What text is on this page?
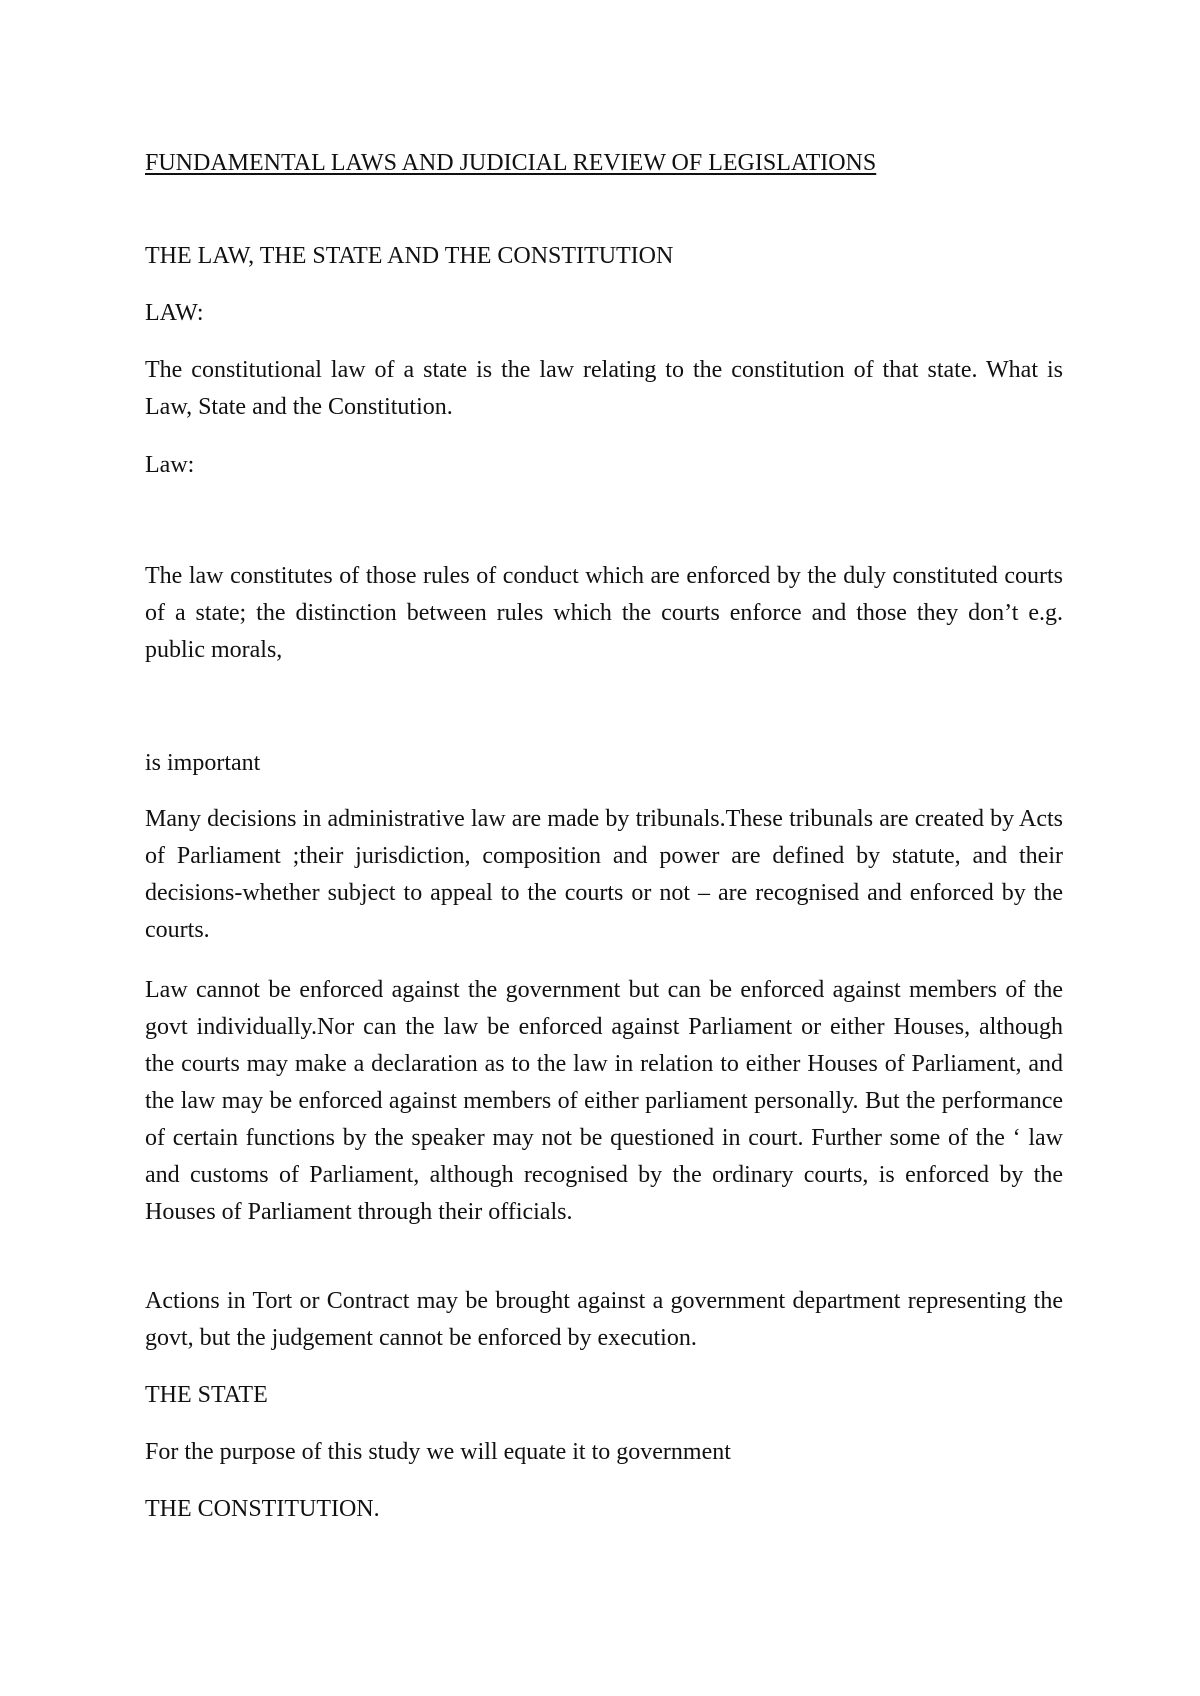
FUNDAMENTAL LAWS AND JUDICIAL REVIEW OF LEGISLATIONS

THE LAW, THE STATE AND THE CONSTITUTION

LAW:

The constitutional law of a state is the law relating to the constitution of that state. What is Law, State and the Constitution.

Law:

The law constitutes of those rules of conduct which are enforced by the duly constituted courts of a state; the distinction between rules which the courts enforce and those they don’t e.g. public morals,

is important

Many decisions in administrative law are made by tribunals.These tribunals are created by Acts of Parliament ;their jurisdiction, composition and power are defined by statute, and their decisions-whether subject to appeal to the courts or not – are recognised and enforced by the courts.

Law cannot be enforced against the government but can be enforced against members of the govt individually.Nor can the law be enforced against Parliament or either Houses, although the courts may make a declaration as to the law in relation to either Houses of Parliament, and the law may be enforced against members of either parliament personally. But the performance of certain functions by the speaker may not be questioned in court. Further some of the ‘ law and customs of Parliament, although recognised by the ordinary courts, is enforced by the Houses of Parliament through their officials.

Actions in Tort or Contract may be brought against a government department representing the govt, but the judgement cannot be enforced by execution.

THE STATE

For the purpose of this study we will equate it to government

THE CONSTITUTION.
